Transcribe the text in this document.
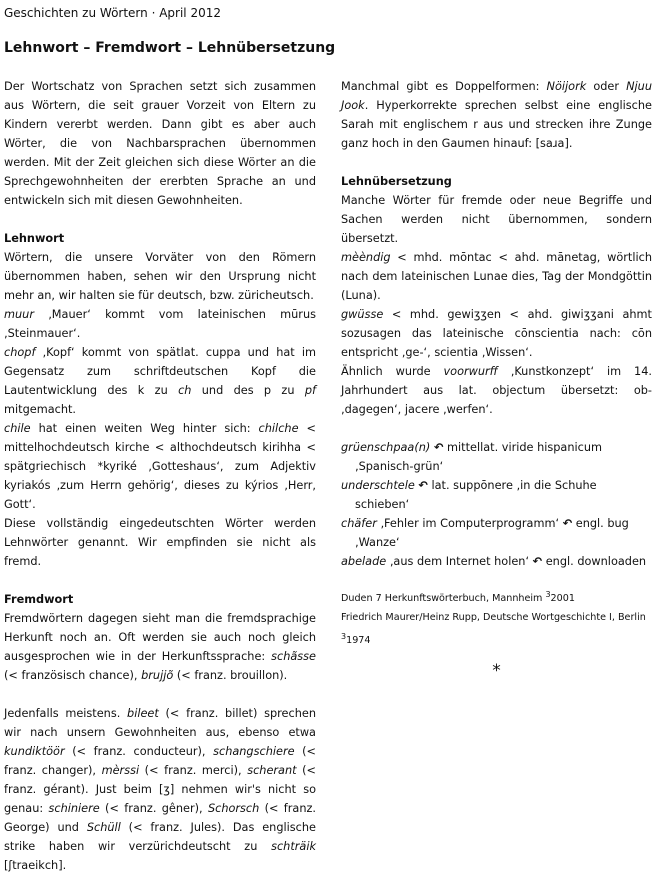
Geschichten zu Wörtern · April 2012
Lehnwort – Fremdwort – Lehnübersetzung

Der Wortschatz von Sprachen setzt sich zusammen aus Wörtern, die seit grauer Vorzeit von Eltern zu Kindern vererbt werden. Dann gibt es aber auch Wörter, die von Nachbarsprachen übernommen werden. Mit der Zeit gleichen sich diese Wörter an die Sprechgewohnheiten der ererbten Sprache an und entwickeln sich mit diesen Gewohnheiten.

Lehnwort

Wörtern, die unsere Vorväter von den Römern übernommen haben, sehen wir den Ursprung nicht mehr an, wir halten sie für deutsch, bzw. züricheutsch.

muur ‚Mauer‘ kommt vom lateinischen mūrus ‚Steinmauer‘.

chopf ‚Kopf‘ kommt von spätlat. cuppa und hat im Gegensatz zum schriftdeutschen Kopf die Lautentwicklung des k zu ch und des p zu pf mitgemacht.

chile hat einen weiten Weg hinter sich: chilche < mittelhochdeutsch kirche < althochdeutsch kirihha < spätgriechisch *kyriké ‚Gotteshaus‘, zum Adjektiv kyriakós ‚zum Herrn gehörig‘, dieses zu kýrios ‚Herr, Gott‘.

Diese vollständig eingedeutschten Wörter werden Lehnwörter genannt. Wir empfinden sie nicht als fremd.

Fremdwort

Fremdwörtern dagegen sieht man die fremdsprachige Herkunft noch an. Oft werden sie auch noch gleich ausgesprochen wie in der Herkunftssprache: schãsse (< französisch chance), brujjõ (< franz. brouillon).

Jedenfalls meistens. bileet (< franz. billet) sprechen wir nach unsern Gewohnheiten aus, ebenso etwa kundiktöör (< franz. conducteur), schangschiere (< franz. changer), mèrssi (< franz. merci), scherant (< franz. gérant). Just beim [ʒ] nehmen wir's nicht so genau: schiniere (< franz. gêner), Schorsch (< franz. George) und Schüll (< franz. Jules). Das englische strike haben wir verzürichdeutscht zu schträik [ʃtraeikch].

Manchmal gibt es Doppelformen: Nöijork oder Njuu Jook. Hyperkorrekte sprechen selbst eine englische Sarah mit englischem r aus und strecken ihre Zunge ganz hoch in den Gaumen hinauf: [saɹa].

Lehnübersetzung

Manche Wörter für fremde oder neue Begriffe und Sachen werden nicht übernommen, sondern übersetzt.

mèèndig < mhd. mōntac < ahd. mānetag, wörtlich nach dem lateinischen Lunae dies, Tag der Mondgöttin (Luna).

gwüsse < mhd. gewiʒʒen < ahd. giwiʒʒani ahmt sozusagen das lateinische cōnscientia nach: cōn entspricht ‚ge-‘, scientia ‚Wissen‘.

Ähnlich wurde voorwurff ‚Kunstkonzept‘ im 14. Jahrhundert aus lat. objectum übersetzt: ob- ‚dagegen‘, jacere ‚werfen‘.

grüenschpaa(n) ↶ mittellat. viride hispanicum ‚Spanisch-grün‘

underschtele ↶ lat. suppōnere ‚in die Schuhe schieben‘

chäfer ‚Fehler im Computerprogramm‘ ↶ engl. bug ‚Wanze‘

abelade ‚aus dem Internet holen‘ ↶ engl. downloaden

Duden 7 Herkunftswörterbuch, Mannheim $^3$2001

Friedrich Maurer/Heinz Rupp, Deutsche Wortgeschichte I, Berlin $^3$1974

*
